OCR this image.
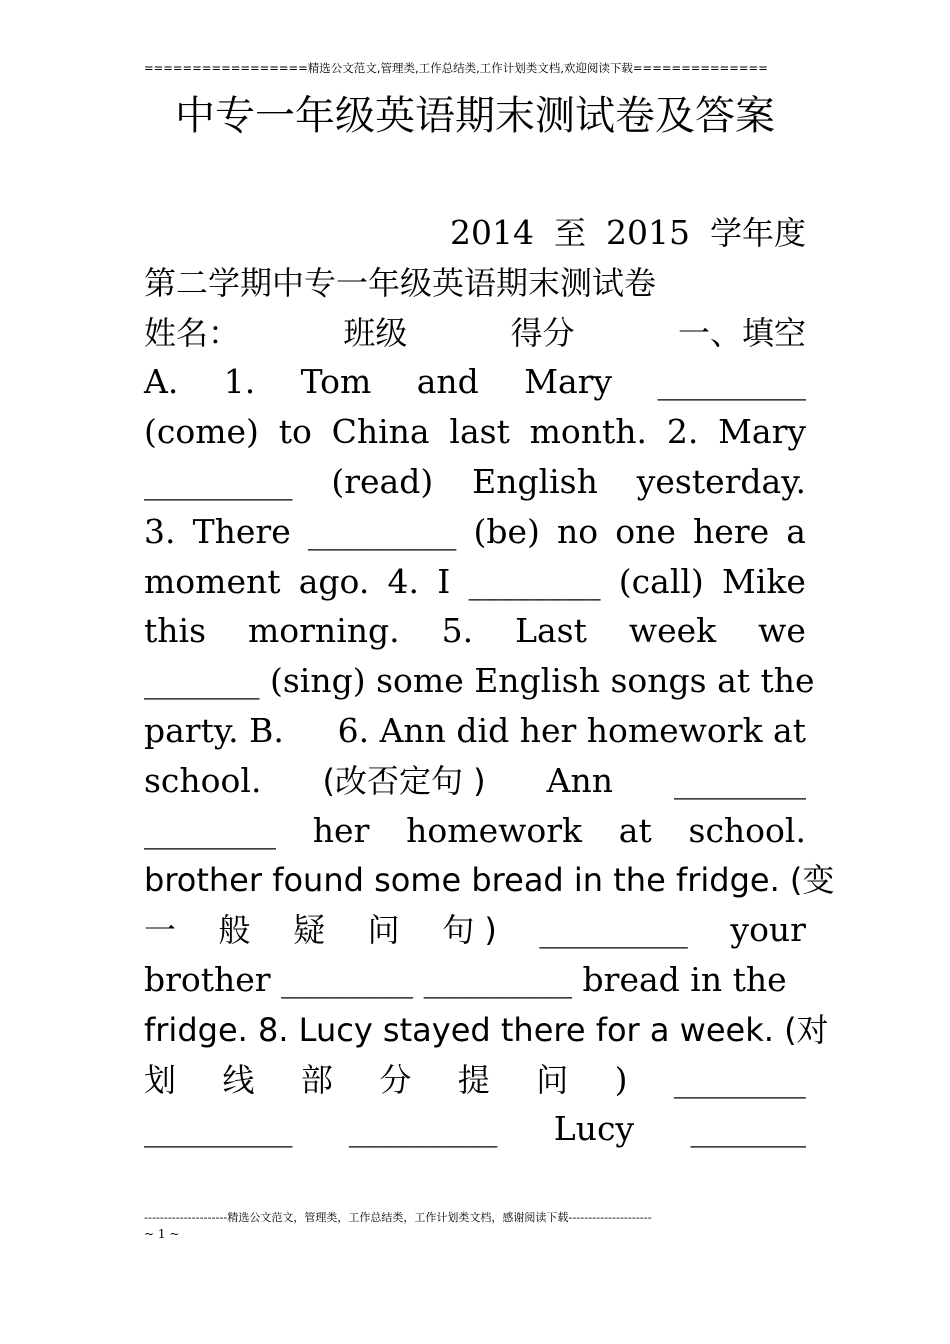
=================精选公文范文,管理类,工作总结类,工作计划类文档,欢迎阅读下载==============
中专一年级英语期末测试卷及答案
2014 至 2015 学年度
第二学期中专一年级英语期末测试卷
姓名：	班级	得分	一、填空
A. 1. Tom and Mary _________
(come) to China last month. 2. Mary
_________ (read) English yesterday.
3. There _________ (be) no one here a
moment ago. 4. I ________ (call) Mike
this morning. 5. Last week we
_______ (sing) some English songs at the
party. B. 6. Ann did her homework at
school. (改否定句 ) Ann ________
________ her homework at school.
brother found some bread in the fridge. (变
一 般 疑 问 句 ) _________ your
brother ________ _________ bread in the
fridge. 8. Lucy stayed there for a week. (对
划 线 部 分 提 问 ) ________
_________ _________ Lucy _______
---------------------精选公文范文，管理类，工作总结类，工作计划类文档，感谢阅读下载---------------------
~ 1 ~
